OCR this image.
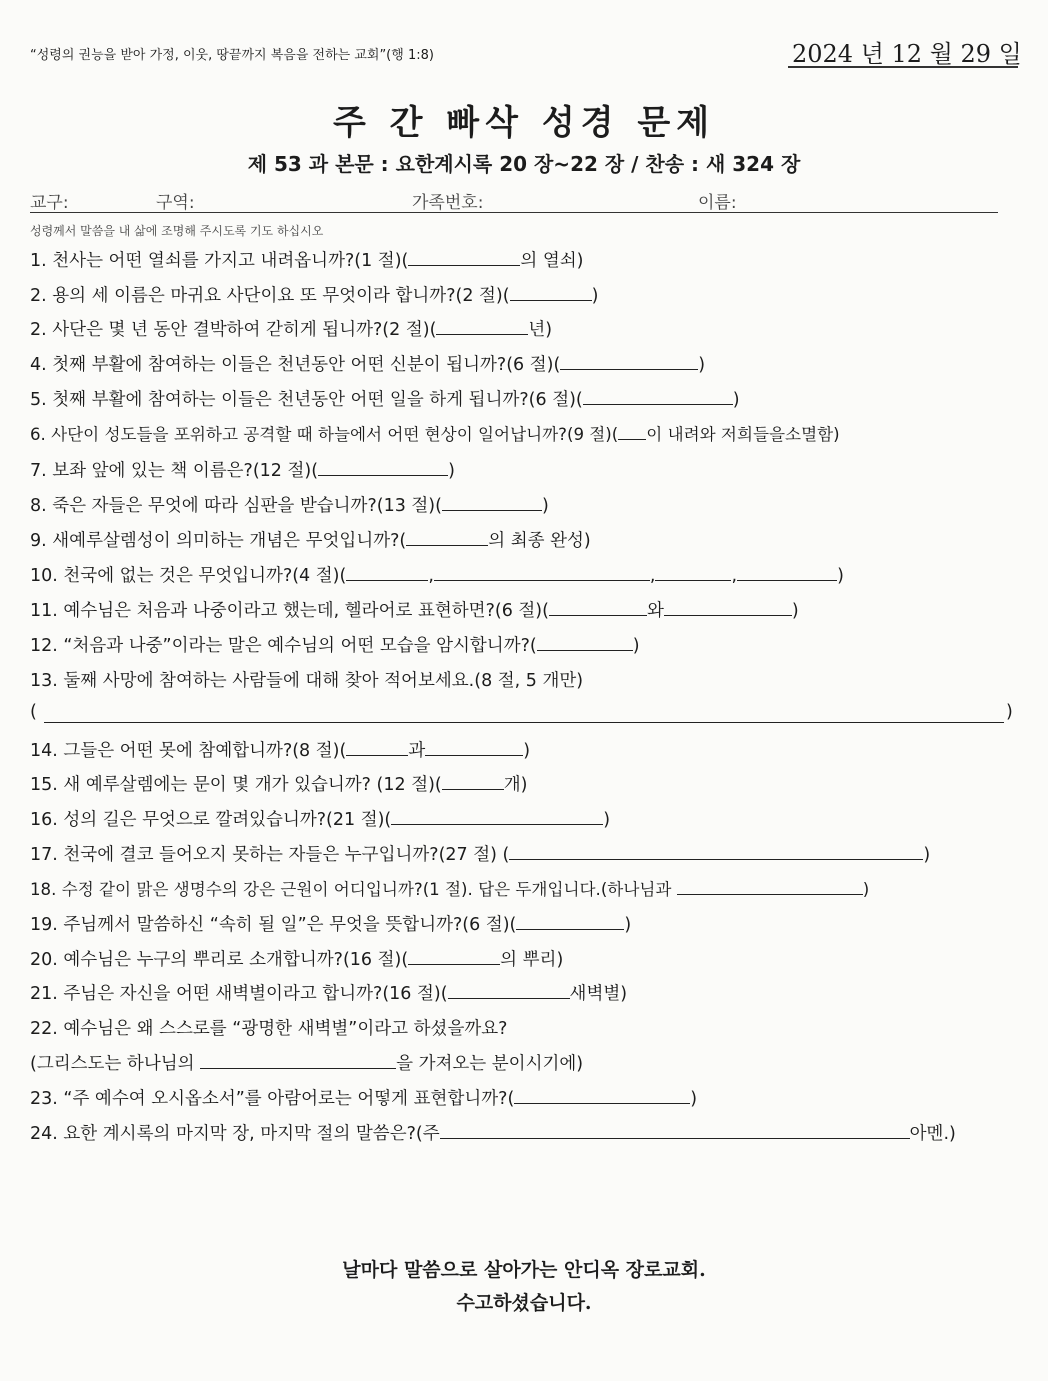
“성령의 권능을 받아 가정, 이웃, 땅끝까지 복음을 전하는 교회”(행 1:8)	2024 년 12 월 29 일
주 간 빠삭 성경 문제
제 53 과 본문 : 요한계시록 20 장~22 장 / 찬송 : 새 324 장
교구:	구역:	가족번호:	이름:
성령께서 말씀을 내 삶에 조명해 주시도록 기도 하십시오
1. 천사는 어떤 열쇠를 가지고 내려옵니까?(1 절)(	의 열쇠)
2. 용의 세 이름은 마귀요 사단이요 또 무엇이라 합니까?(2 절)(	)
2. 사단은 몇 년 동안 결박하여 갇히게 됩니까?(2 절)(	년)
4. 첫째 부활에 참여하는 이들은 천년동안 어떤 신분이 됩니까?(6 절)(	)
5. 첫째 부활에 참여하는 이들은 천년동안 어떤 일을 하게 됩니까?(6 절)(	)
6. 사단이 성도들을 포위하고 공격할 때 하늘에서 어떤 현상이 일어납니까?(9 절)( 이 내려와 저희들을소멸함)
7. 보좌 앞에 있는 책 이름은?(12 절)(	)
8. 죽은 자들은 무엇에 따라 심판을 받습니까?(13 절)(	)
9. 새예루살렘성이 의미하는 개념은 무엇입니까?(	의 최종 완성)
10. 천국에 없는 것은 무엇입니까?(4 절)(	,	,	,	)
11. 예수님은 처음과 나중이라고 했는데, 헬라어로 표현하면?(6 절)(	와	)
12. “처음과 나중”이라는 말은 예수님의 어떤 모습을 암시합니까?(	)
13. 둘째 사망에 참여하는 사람들에 대해 찾아 적어보세요.(8 절, 5 개만)
(	)
14. 그들은 어떤 못에 참예합니까?(8 절)(	과	)
15. 새 예루살렘에는 문이 몇 개가 있습니까? (12 절)(	개)
16. 성의 길은 무엇으로 깔려있습니까?(21 절)(	)
17. 천국에 결코 들어오지 못하는 자들은 누구입니까?(27 절) (	)
18. 수정 같이 맑은 생명수의 강은 근원이 어디입니까?(1 절). 답은 두개입니다.(하나님과	)
19. 주님께서 말씀하신 “속히 될 일”은 무엇을 뜻합니까?(6 절)(	)
20. 예수님은 누구의 뿌리로 소개합니까?(16 절)(	의 뿌리)
21. 주님은 자신을 어떤 새벽별이라고 합니까?(16 절)(	새벽별)
22. 예수님은 왜 스스로를 “광명한 새벽별”이라고 하셨을까요?
(그리스도는 하나님의	을 가져오는 분이시기에)
23. “주 예수여 오시옵소서”를 아람어로는 어떻게 표현합니까?(	)
24. 요한 계시록의 마지막 장, 마지막 절의 말씀은?(주	아멘.)
날마다 말씀으로 살아가는 안디옥 장로교회.
수고하셨습니다.
